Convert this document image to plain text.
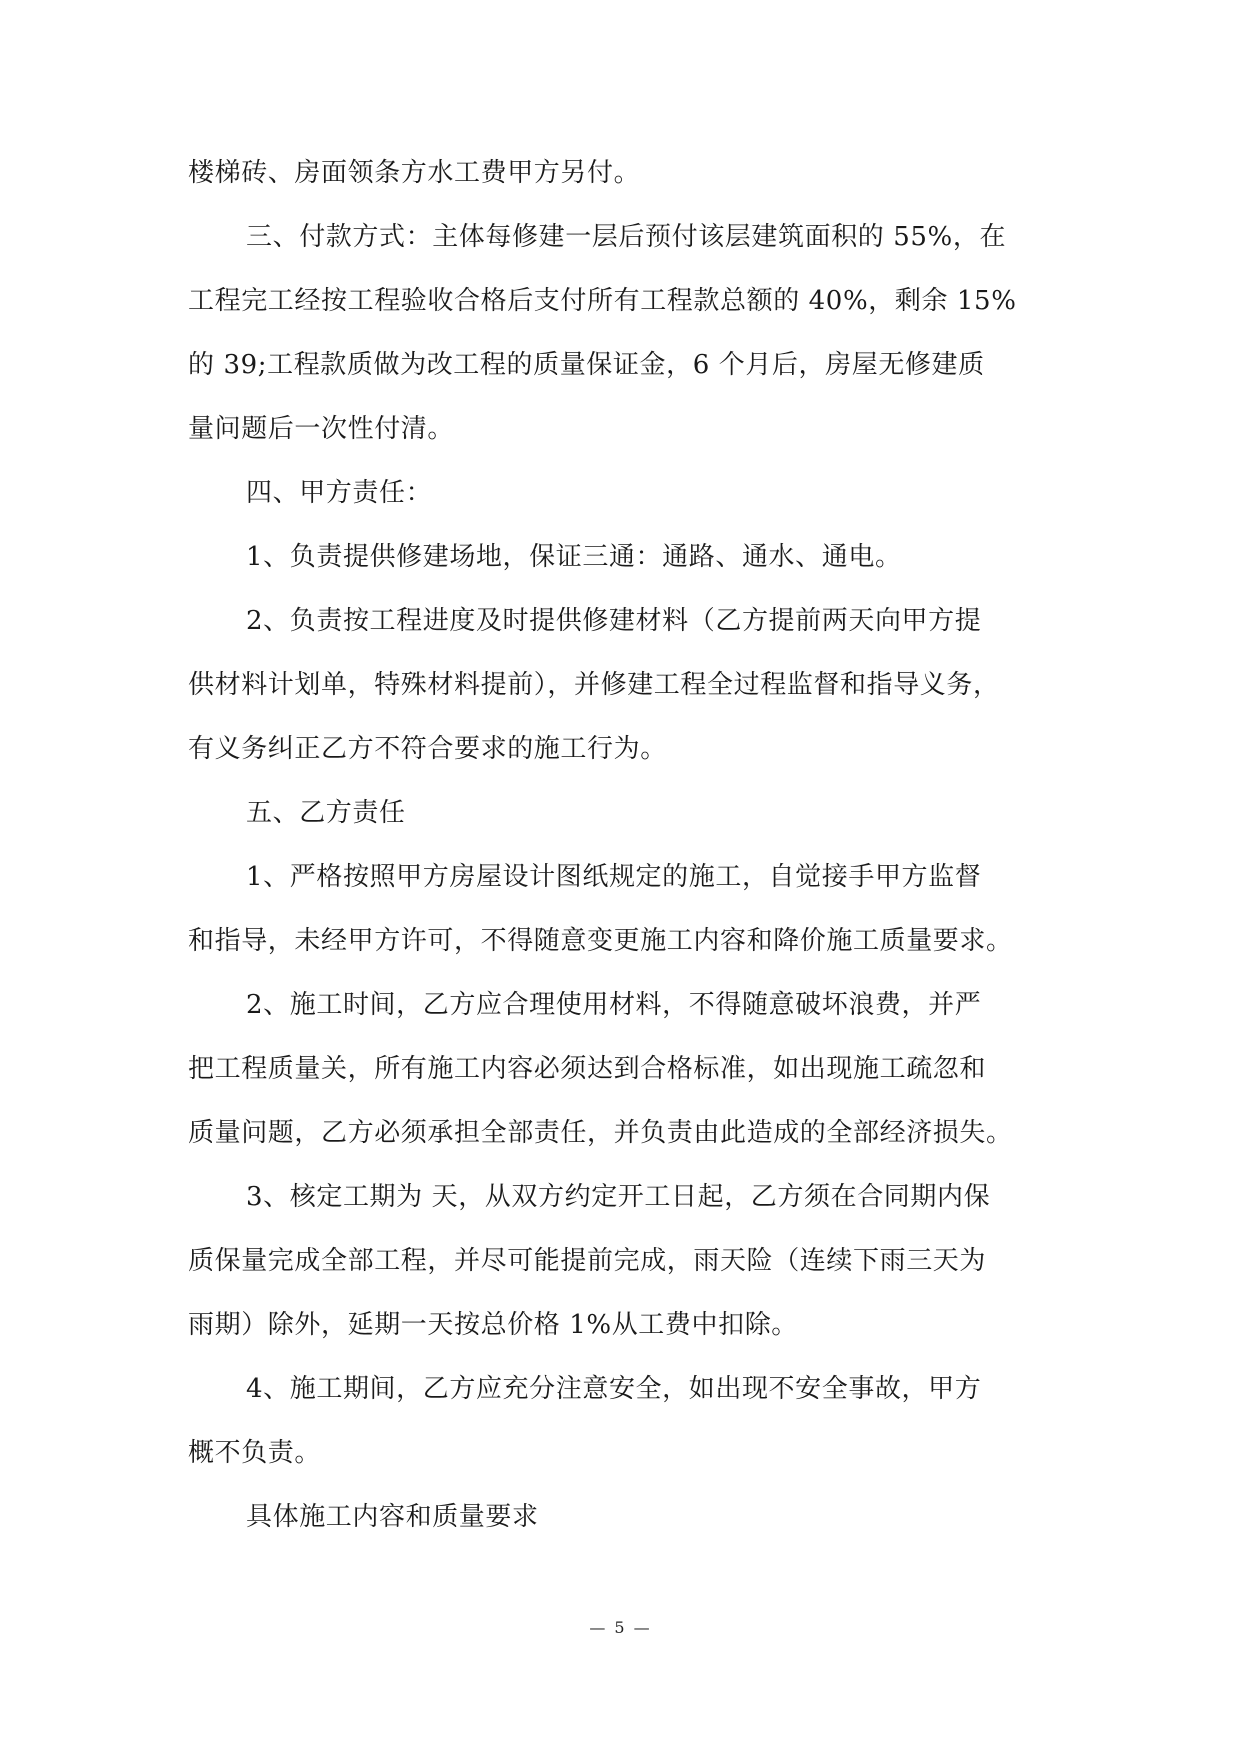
楼梯砖、房面领条方水工费甲方另付。
三、付款方式：主体每修建一层后预付该层建筑面积的 55%，在
工程完工经按工程验收合格后支付所有工程款总额的 40%，剩余 15%
的 39;工程款质做为改工程的质量保证金，6 个月后，房屋无修建质
量问题后一次性付清。
四、甲方责任：
1、负责提供修建场地，保证三通：通路、通水、通电。
2、负责按工程进度及时提供修建材料（乙方提前两天向甲方提
供材料计划单，特殊材料提前），并修建工程全过程监督和指导义务，
有义务纠正乙方不符合要求的施工行为。
五、乙方责任
1、严格按照甲方房屋设计图纸规定的施工，自觉接手甲方监督
和指导，未经甲方许可，不得随意变更施工内容和降价施工质量要求。
2、施工时间，乙方应合理使用材料，不得随意破坏浪费，并严
把工程质量关，所有施工内容必须达到合格标准，如出现施工疏忽和
质量问题，乙方必须承担全部责任，并负责由此造成的全部经济损失。
3、核定工期为 天，从双方约定开工日起，乙方须在合同期内保
质保量完成全部工程，并尽可能提前完成，雨天险（连续下雨三天为
雨期）除外，延期一天按总价格 1%从工费中扣除。
4、施工期间，乙方应充分注意安全，如出现不安全事故，甲方
概不负责。
具体施工内容和质量要求
— 5 —
